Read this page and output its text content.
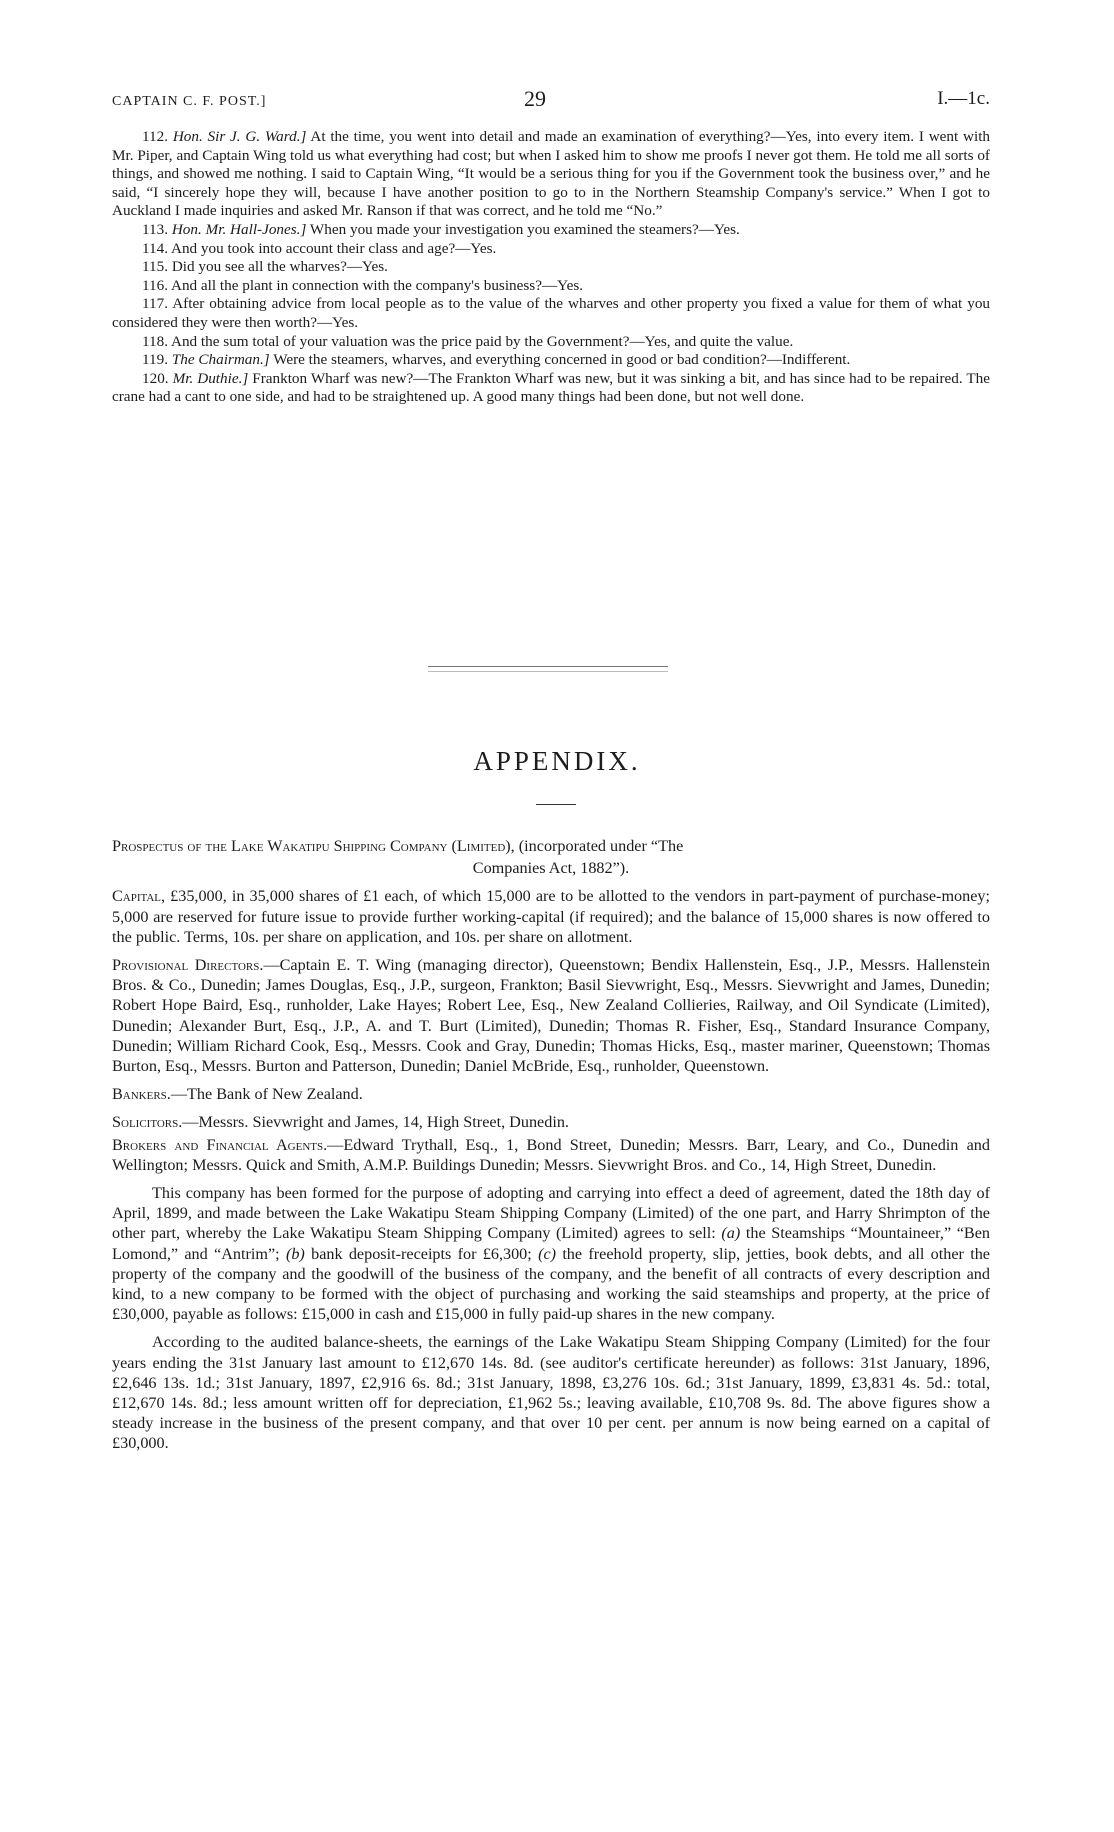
CAPTAIN C. F. POST.]	29	I.—1c.

112. Hon. Sir J. G. Ward.] At the time, you went into detail and made an examination of everything?—Yes, into every item. I went with Mr. Piper, and Captain Wing told us what everything had cost; but when I asked him to show me proofs I never got them. He told me all sorts of things, and showed me nothing. I said to Captain Wing, “It would be a serious thing for you if the Government took the business over,” and he said, “I sincerely hope they will, because I have another position to go to in the Northern Steamship Company's service.” When I got to Auckland I made inquiries and asked Mr. Ranson if that was correct, and he told me “No.”

113. Hon. Mr. Hall-Jones.] When you made your investigation you examined the steamers?—Yes.

114. And you took into account their class and age?—Yes.

115. Did you see all the wharves?—Yes.

116. And all the plant in connection with the company's business?—Yes.

117. After obtaining advice from local people as to the value of the wharves and other property you fixed a value for them of what you considered they were then worth?—Yes.

118. And the sum total of your valuation was the price paid by the Government?—Yes, and quite the value.

119. The Chairman.] Were the steamers, wharves, and everything concerned in good or bad condition?—Indifferent.

120. Mr. Duthie.] Frankton Wharf was new?—The Frankton Wharf was new, but it was sinking a bit, and has since had to be repaired. The crane had a cant to one side, and had to be straightened up. A good many things had been done, but not well done.

APPENDIX.

Prospectus of the Lake Wakatipu Shipping Company (Limited), (incorporated under “The

Companies Act, 1882”).

Capital, £35,000, in 35,000 shares of £1 each, of which 15,000 are to be allotted to the vendors in part-payment of purchase-money; 5,000 are reserved for future issue to provide further working-capital (if required); and the balance of 15,000 shares is now offered to the public. Terms, 10s. per share on application, and 10s. per share on allotment.

Provisional Directors.—Captain E. T. Wing (managing director), Queenstown; Bendix Hallenstein, Esq., J.P., Messrs. Hallenstein Bros. & Co., Dunedin; James Douglas, Esq., J.P., surgeon, Frankton; Basil Sievwright, Esq., Messrs. Sievwright and James, Dunedin; Robert Hope Baird, Esq., runholder, Lake Hayes; Robert Lee, Esq., New Zealand Collieries, Railway, and Oil Syndicate (Limited), Dunedin; Alexander Burt, Esq., J.P., A. and T. Burt (Limited), Dunedin; Thomas R. Fisher, Esq., Standard Insurance Company, Dunedin; William Richard Cook, Esq., Messrs. Cook and Gray, Dunedin; Thomas Hicks, Esq., master mariner, Queenstown; Thomas Burton, Esq., Messrs. Burton and Patterson, Dunedin; Daniel McBride, Esq., runholder, Queenstown.

Bankers.—The Bank of New Zealand.

Solicitors.—Messrs. Sievwright and James, 14, High Street, Dunedin.

Brokers and Financial Agents.—Edward Trythall, Esq., 1, Bond Street, Dunedin; Messrs. Barr, Leary, and Co., Dunedin and Wellington; Messrs. Quick and Smith, A.M.P. Buildings Dunedin; Messrs. Sievwright Bros. and Co., 14, High Street, Dunedin.

This company has been formed for the purpose of adopting and carrying into effect a deed of agreement, dated the 18th day of April, 1899, and made between the Lake Wakatipu Steam Shipping Company (Limited) of the one part, and Harry Shrimpton of the other part, whereby the Lake Wakatipu Steam Shipping Company (Limited) agrees to sell: (a) the Steamships “Mountaineer,” “Ben Lomond,” and “Antrim”; (b) bank deposit-receipts for £6,300; (c) the freehold property, slip, jetties, book debts, and all other the property of the company and the goodwill of the business of the company, and the benefit of all contracts of every description and kind, to a new company to be formed with the object of purchasing and working the said steamships and property, at the price of £30,000, payable as follows: £15,000 in cash and £15,000 in fully paid-up shares in the new company.

According to the audited balance-sheets, the earnings of the Lake Wakatipu Steam Shipping Company (Limited) for the four years ending the 31st January last amount to £12,670 14s. 8d. (see auditor's certificate hereunder) as follows: 31st January, 1896, £2,646 13s. 1d.; 31st January, 1897, £2,916 6s. 8d.; 31st January, 1898, £3,276 10s. 6d.; 31st January, 1899, £3,831 4s. 5d.: total, £12,670 14s. 8d.; less amount written off for depreciation, £1,962 5s.; leaving available, £10,708 9s. 8d. The above figures show a steady increase in the business of the present company, and that over 10 per cent. per annum is now being earned on a capital of £30,000.
